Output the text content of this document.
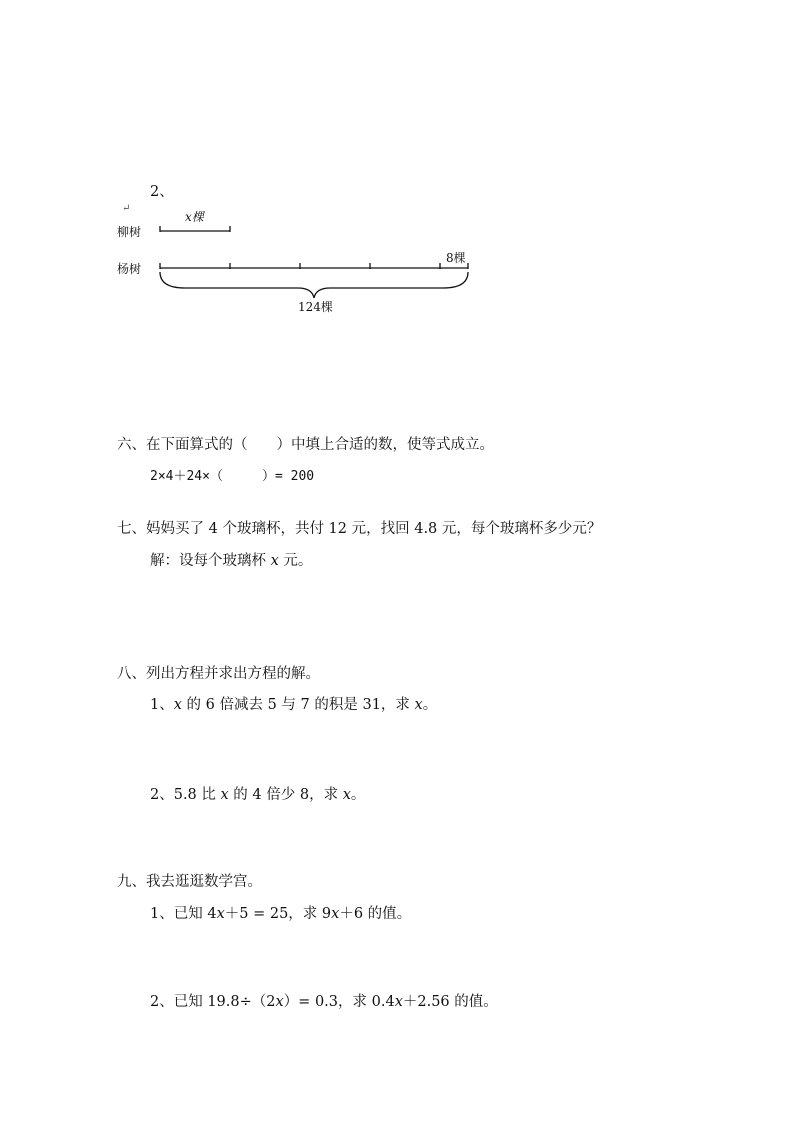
2、
↵
柳树
杨树
x棵
8棵
124棵
六、在下面算式的（　　）中填上合适的数，使等式成立。
2×4＋24×（　　　）= 200
七、妈妈买了 4 个玻璃杯，共付 12 元，找回 4.8 元，每个玻璃杯多少元？
解：设每个玻璃杯 x 元。
八、列出方程并求出方程的解。
1、x 的 6 倍减去 5 与 7 的积是 31，求 x。
2、5.8 比 x 的 4 倍少 8，求 x。
九、我去逛逛数学宫。
1、已知 4x＋5 = 25，求 9x＋6 的值。
2、已知 19.8÷（2x）= 0.3，求 0.4x＋2.56 的值。
